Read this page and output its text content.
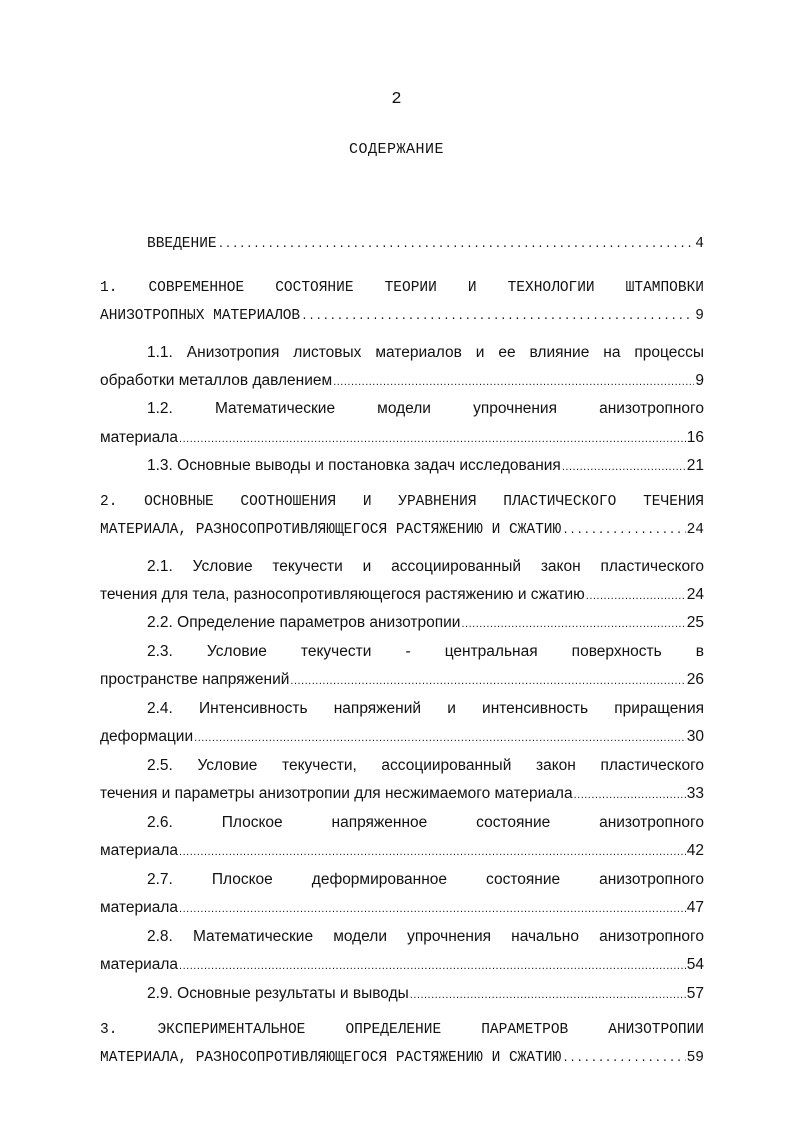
2
СОДЕРЖАНИЕ
ВВЕДЕНИЕ .....	4
1. СОВРЕМЕННОЕ СОСТОЯНИЕ ТЕОРИИ И ТЕХНОЛОГИИ ШТАМПОВКИ
АНИЗОТРОПНЫХ МАТЕРИАЛОВ .....	9
1.1. Анизотропия листовых материалов и ее влияние на процессы
обработки металлов давлением .....	9
1.2. Математические модели упрочнения анизотропного
материала .....	16
1.3. Основные выводы и постановка задач исследования .....	21
2. ОСНОВНЫЕ СООТНОШЕНИЯ И УРАВНЕНИЯ ПЛАСТИЧЕСКОГО ТЕЧЕНИЯ
МАТЕРИАЛА, РАЗНОСОПРОТИВЛЯЮЩЕГОСЯ РАСТЯЖЕНИЮ И СЖАТИЮ .....	24
2.1. Условие текучести и ассоциированный закон пластического
течения для тела, разносопротивляющегося растяжению и сжатию .....	24
2.2. Определение параметров анизотропии .....	25
2.3. Условие текучести - центральная поверхность в
пространстве напряжений .....	26
2.4. Интенсивность напряжений и интенсивность приращения
деформации .....	30
2.5. Условие текучести, ассоциированный закон пластического
течения и параметры анизотропии для несжимаемого материала .....	33
2.6. Плоское напряженное состояние анизотропного
материала .....	42
2.7. Плоское деформированное состояние анизотропного
материала .....	47
2.8. Математические модели упрочнения начально анизотропного
материала .....	54
2.9. Основные результаты и выводы .....	57
3. ЭКСПЕРИМЕНТАЛЬНОЕ ОПРЕДЕЛЕНИЕ ПАРАМЕТРОВ АНИЗОТРОПИИ
МАТЕРИАЛА, РАЗНОСОПРОТИВЛЯЮЩЕГОСЯ РАСТЯЖЕНИЮ И СЖАТИЮ .....	59
